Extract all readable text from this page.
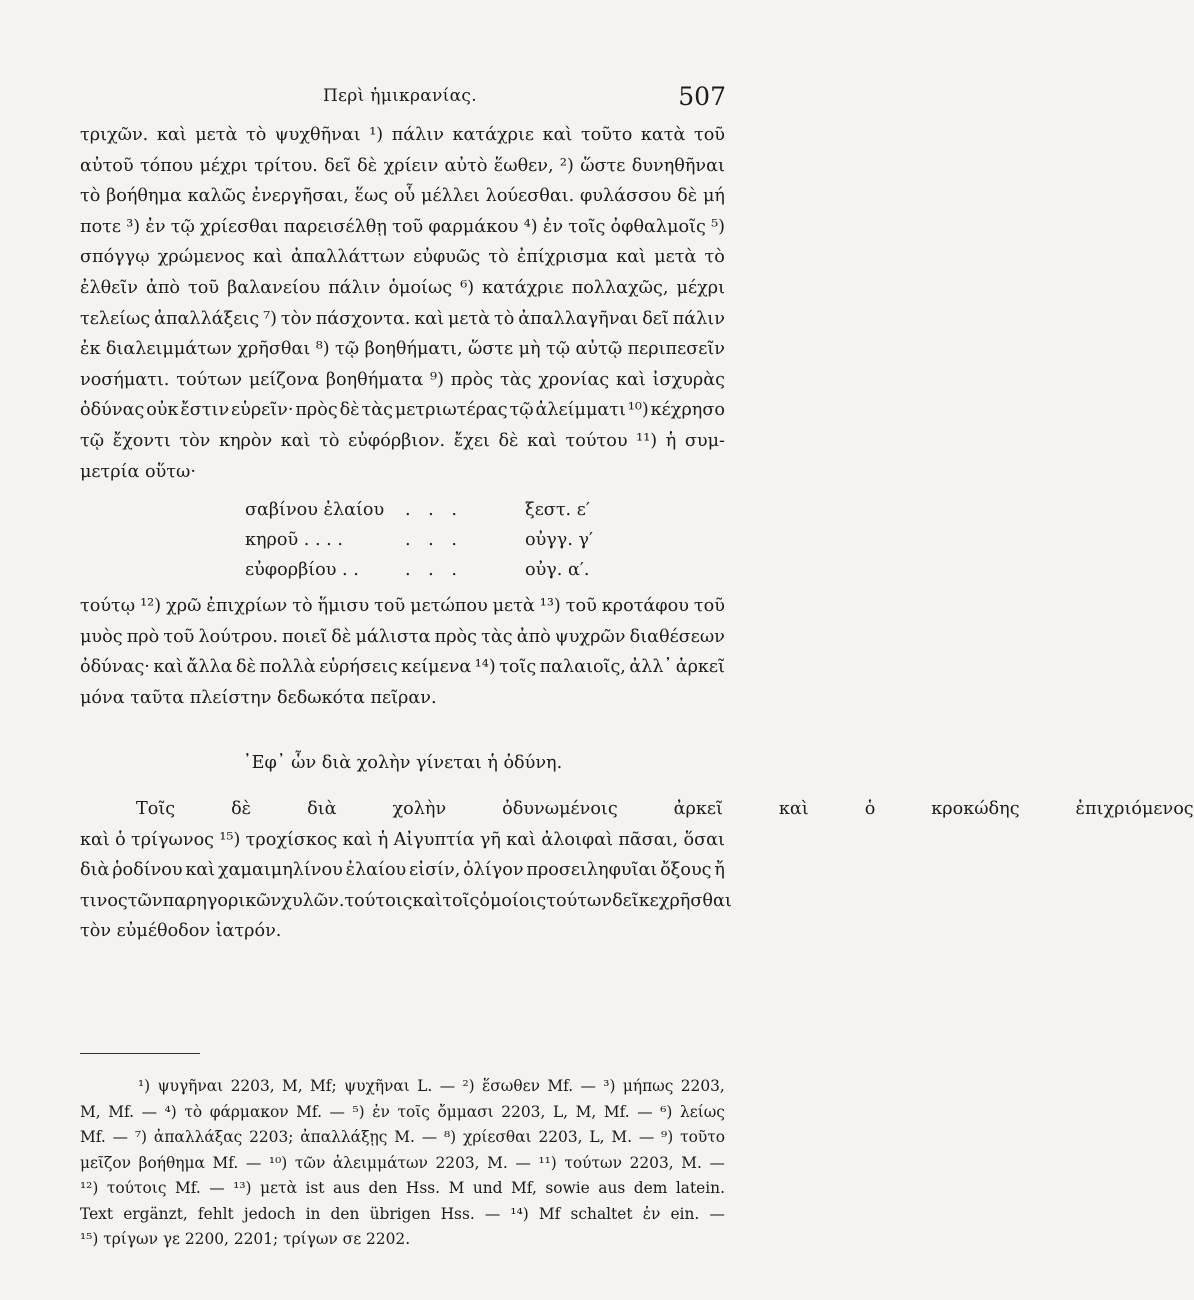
Περὶ ἡμικρανίας.	507
τριχῶν. καὶ μετὰ τὸ ψυχθῆναι ¹) πάλιν κατάχριε καὶ τοῦτο κατὰ τοῦ
αὐτοῦ τόπου μέχρι τρίτου. δεῖ δὲ χρίειν αὐτὸ ἕωθεν, ²) ὥστε δυνηθῆναι
τὸ βοήθημα καλῶς ἐνεργῆσαι, ἕως οὗ μέλλει λούεσθαι. φυλάσσου δὲ μή
ποτε ³) ἐν τῷ χρίεσθαι παρεισέλθῃ τοῦ φαρμάκου ⁴) ἐν τοῖς ὀφθαλμοῖς ⁵)
σπόγγῳ χρώμενος καὶ ἀπαλλάττων εὐφυῶς τὸ ἐπίχρισμα καὶ μετὰ τὸ
ἐλθεῖν ἀπὸ τοῦ βαλανείου πάλιν ὁμοίως ⁶) κατάχριε πολλαχῶς, μέχρι
τελείως ἀπαλλάξεις ⁷) τὸν πάσχοντα. καὶ μετὰ τὸ ἀπαλλαγῆναι δεῖ πάλιν
ἐκ διαλειμμάτων χρῆσθαι ⁸) τῷ βοηθήματι, ὥστε μὴ τῷ αὐτῷ περιπεσεῖν
νοσήματι. τούτων μείζονα βοηθήματα ⁹) πρὸς τὰς χρονίας καὶ ἰσχυρὰς
ὀδύνας οὐκ ἔστιν εὑρεῖν· πρὸς δὲ τὰς μετριωτέρας τῷ ἀλείμματι ¹⁰) κέχρησο
τῷ ἔχοντι τὸν κηρὸν καὶ τὸ εὐφόρβιον. ἔχει δὲ καὶ τούτου ¹¹) ἡ συμ-
μετρία οὕτω·
σαβίνου ἐλαίου	. . .	ξεστ. ε′
κηροῦ . . . .	. . .	οὐγγ. γ′
εὐφορβίου . .	. . .	οὐγ. α′.
τούτῳ ¹²) χρῶ ἐπιχρίων τὸ ἥμισυ τοῦ μετώπου μετὰ ¹³) τοῦ κροτάφου τοῦ
μυὸς πρὸ τοῦ λούτρου. ποιεῖ δὲ μάλιστα πρὸς τὰς ἀπὸ ψυχρῶν διαθέσεων
ὀδύνας· καὶ ἄλλα δὲ πολλὰ εὑρήσεις κείμενα ¹⁴) τοῖς παλαιοῖς, ἀλλ᾽ ἀρκεῖ
μόνα ταῦτα πλείστην δεδωκότα πεῖραν.
᾽Εφ᾽ ὧν διὰ χολὴν γίνεται ἡ ὀδύνη.
Τοῖς	δὲ	διὰ	χολὴν	ὀδυνωμένοις	ἀρκεῖ	καὶ	ὁ	κροκώδης	ἐπιχριόμενος
καὶ ὁ τρίγωνος ¹⁵) τροχίσκος καὶ ἡ Αἰγυπτία γῆ καὶ ἀλοιφαὶ πᾶσαι, ὅσαι
διὰ ῥοδίνου καὶ χαμαιμηλίνου ἐλαίου εἰσίν, ὀλίγον προσειληφυῖαι ὄξους ἤ
τινος τῶν παρηγορικῶν χυλῶν. τούτοις καὶ τοῖς ὁμοίοις τούτων δεῖ κεχρῆσθαι
τὸν εὐμέθοδον ἰατρόν.
¹) ψυγῆναι 2203, M, Mf; ψυχῆναι L. — ²) ἕσωθεν Mf. — ³) μήπως 2203,
M, Mf. — ⁴) τὸ φάρμακον Mf. — ⁵) ἐν τοῖς ὄμμασι 2203, L, M, Mf. — ⁶) λείως
Mf. — ⁷) ἀπαλλάξας 2203; ἀπαλλάξῃς M. — ⁸) χρίεσθαι 2203, L, M. — ⁹) τοῦτο
μεῖζον βοήθημα Mf. — ¹⁰) τῶν ἀλειμμάτων 2203, M. — ¹¹) τούτων 2203, M. —
¹²) τούτοις Mf. — ¹³) μετὰ ist aus den Hss. M und Mf, sowie aus dem latein.
Text ergänzt, fehlt jedoch in den übrigen Hss. — ¹⁴) Mf schaltet ἐν ein. —
¹⁵) τρίγων γε 2200, 2201; τρίγων σε 2202.
